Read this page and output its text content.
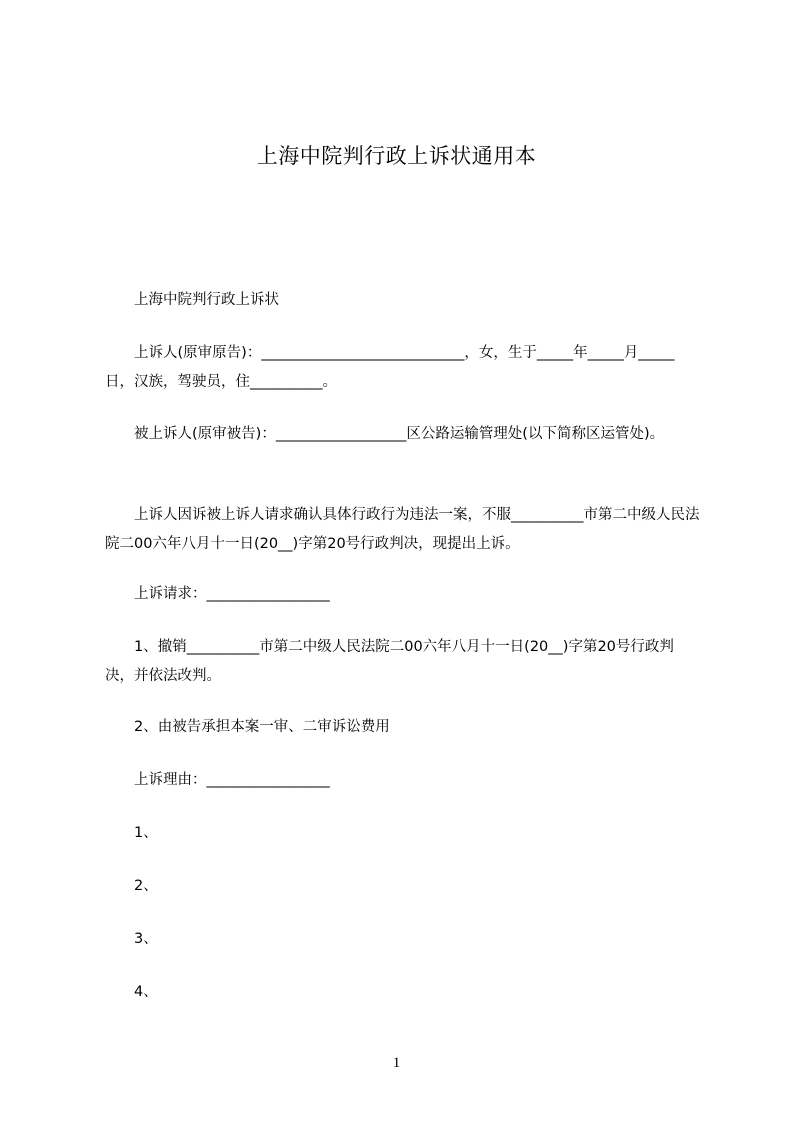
上海中院判行政上诉状通用本
　　上海中院判行政上诉状
　　上诉人(原审原告)：____________________________，女，生于_____年_____月_____日，汉族，驾驶员，住__________。
　　被上诉人(原审被告)：__________________区公路运输管理处(以下简称区运管处)。
　　上诉人因诉被上诉人请求确认具体行政行为违法一案，不服__________市第二中级人民法院二00六年八月十一日(20__)字第20号行政判决，现提出上诉。
　　上诉请求：_________________
　　1、撤销__________市第二中级人民法院二00六年八月十一日(20__)字第20号行政判决，并依法改判。
　　2、由被告承担本案一审、二审诉讼费用
　　上诉理由：_________________
　　1、
　　2、
　　3、
　　4、
1
